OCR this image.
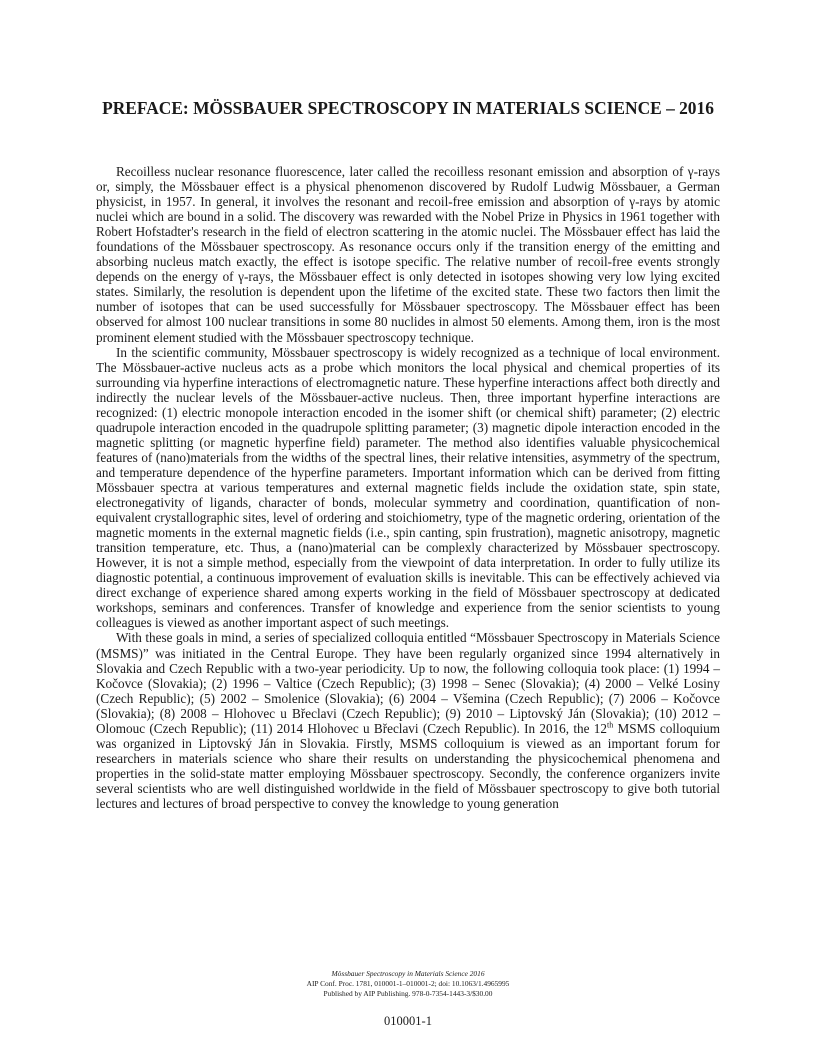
PREFACE: MÖSSBAUER SPECTROSCOPY IN MATERIALS SCIENCE – 2016

Recoilless nuclear resonance fluorescence, later called the recoilless resonant emission and absorption of γ-rays or, simply, the Mössbauer effect is a physical phenomenon discovered by Rudolf Ludwig Mössbauer, a German physicist, in 1957. In general, it involves the resonant and recoil-free emission and absorption of γ-rays by atomic nuclei which are bound in a solid. The discovery was rewarded with the Nobel Prize in Physics in 1961 together with Robert Hofstadter's research in the field of electron scattering in the atomic nuclei. The Mössbauer effect has laid the foundations of the Mössbauer spectroscopy. As resonance occurs only if the transition energy of the emitting and absorbing nucleus match exactly, the effect is isotope specific. The relative number of recoil-free events strongly depends on the energy of γ-rays, the Mössbauer effect is only detected in isotopes showing very low lying excited states. Similarly, the resolution is dependent upon the lifetime of the excited state. These two factors then limit the number of isotopes that can be used successfully for Mössbauer spectroscopy. The Mössbauer effect has been observed for almost 100 nuclear transitions in some 80 nuclides in almost 50 elements. Among them, iron is the most prominent element studied with the Mössbauer spectroscopy technique.

In the scientific community, Mössbauer spectroscopy is widely recognized as a technique of local environment. The Mössbauer-active nucleus acts as a probe which monitors the local physical and chemical properties of its surrounding via hyperfine interactions of electromagnetic nature. These hyperfine interactions affect both directly and indirectly the nuclear levels of the Mössbauer-active nucleus. Then, three important hyperfine interactions are recognized: (1) electric monopole interaction encoded in the isomer shift (or chemical shift) parameter; (2) electric quadrupole interaction encoded in the quadrupole splitting parameter; (3) magnetic dipole interaction encoded in the magnetic splitting (or magnetic hyperfine field) parameter. The method also identifies valuable physicochemical features of (nano)materials from the widths of the spectral lines, their relative intensities, asymmetry of the spectrum, and temperature dependence of the hyperfine parameters. Important information which can be derived from fitting Mössbauer spectra at various temperatures and external magnetic fields include the oxidation state, spin state, electronegativity of ligands, character of bonds, molecular symmetry and coordination, quantification of non-equivalent crystallographic sites, level of ordering and stoichiometry, type of the magnetic ordering, orientation of the magnetic moments in the external magnetic fields (i.e., spin canting, spin frustration), magnetic anisotropy, magnetic transition temperature, etc. Thus, a (nano)material can be complexly characterized by Mössbauer spectroscopy. However, it is not a simple method, especially from the viewpoint of data interpretation. In order to fully utilize its diagnostic potential, a continuous improvement of evaluation skills is inevitable. This can be effectively achieved via direct exchange of experience shared among experts working in the field of Mössbauer spectroscopy at dedicated workshops, seminars and conferences. Transfer of knowledge and experience from the senior scientists to young colleagues is viewed as another important aspect of such meetings.

With these goals in mind, a series of specialized colloquia entitled “Mössbauer Spectroscopy in Materials Science (MSMS)” was initiated in the Central Europe. They have been regularly organized since 1994 alternatively in Slovakia and Czech Republic with a two-year periodicity. Up to now, the following colloquia took place: (1) 1994 – Kočovce (Slovakia); (2) 1996 – Valtice (Czech Republic); (3) 1998 – Senec (Slovakia); (4) 2000 – Velké Losiny (Czech Republic); (5) 2002 – Smolenice (Slovakia); (6) 2004 – Všemina (Czech Republic); (7) 2006 – Kočovce (Slovakia); (8) 2008 – Hlohovec u Břeclavi (Czech Republic); (9) 2010 – Liptovský Ján (Slovakia); (10) 2012 – Olomouc (Czech Republic); (11) 2014 Hlohovec u Břeclavi (Czech Republic). In 2016, the 12th MSMS colloquium was organized in Liptovský Ján in Slovakia. Firstly, MSMS colloquium is viewed as an important forum for researchers in materials science who share their results on understanding the physicochemical phenomena and properties in the solid-state matter employing Mössbauer spectroscopy. Secondly, the conference organizers invite several scientists who are well distinguished worldwide in the field of Mössbauer spectroscopy to give both tutorial lectures and lectures of broad perspective to convey the knowledge to young generation

Mössbauer Spectroscopy in Materials Science 2016
AIP Conf. Proc. 1781, 010001-1–010001-2; doi: 10.1063/1.4965995
Published by AIP Publishing. 978-0-7354-1443-3/$30.00
010001-1
